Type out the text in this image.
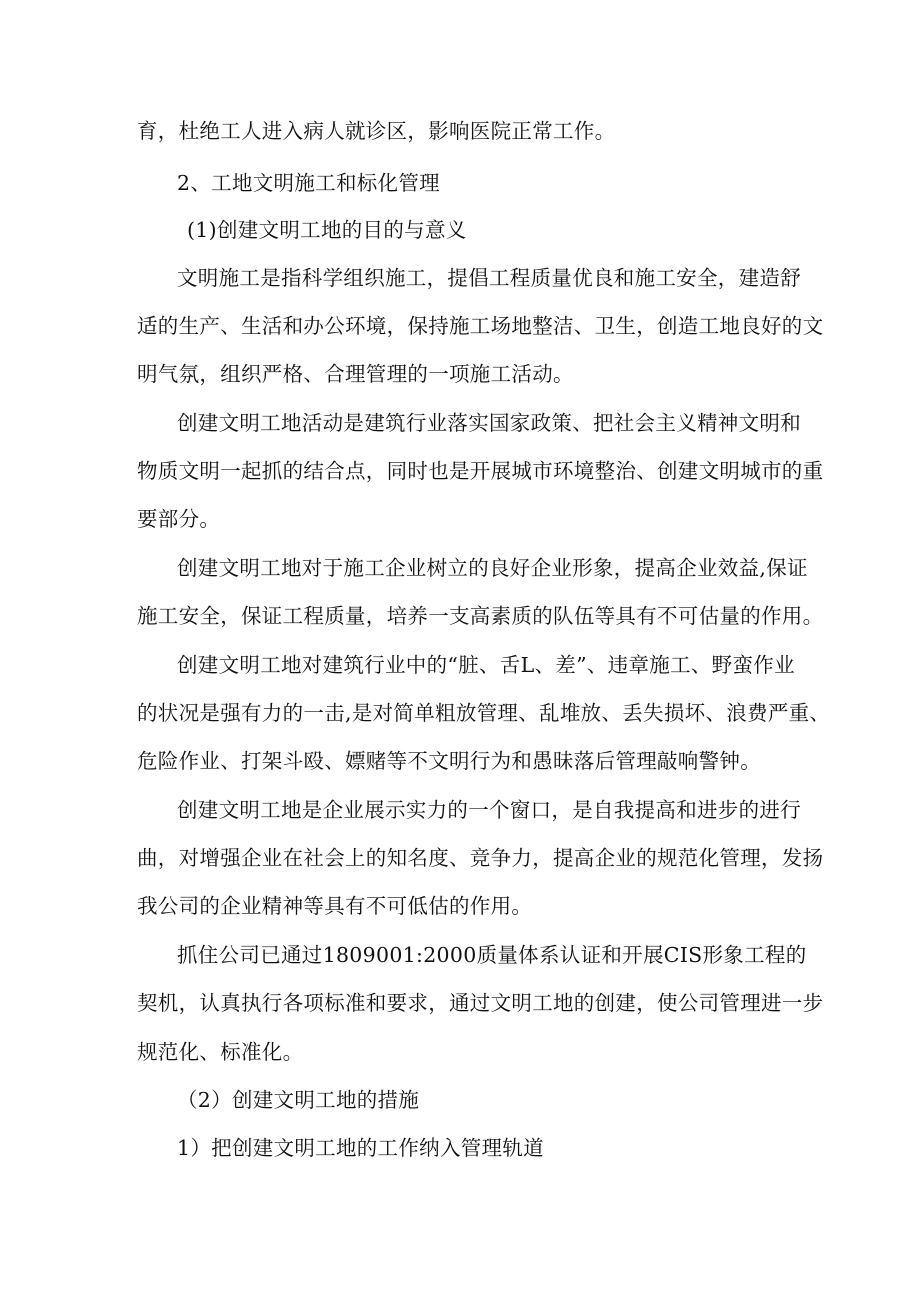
育，杜绝工人进入病人就诊区，影响医院正常工作。
2、工地文明施工和标化管理
(1)创建文明工地的目的与意义
文明施工是指科学组织施工，提倡工程质量优良和施工安全，建造舒
适的生产、生活和办公环境，保持施工场地整洁、卫生，创造工地良好的文
明气氛，组织严格、合理管理的一项施工活动。
创建文明工地活动是建筑行业落实国家政策、把社会主义精神文明和
物质文明一起抓的结合点，同时也是开展城市环境整治、创建文明城市的重
要部分。
创建文明工地对于施工企业树立的良好企业形象，提高企业效益,保证
施工安全，保证工程质量，培养一支高素质的队伍等具有不可估量的作用。
创建文明工地对建筑行业中的“脏、舌L、差”、违章施工、野蛮作业
的状况是强有力的一击,是对简单粗放管理、乱堆放、丢失损坏、浪费严重、
危险作业、打架斗殴、嫖赌等不文明行为和愚昧落后管理敲响警钟。
创建文明工地是企业展示实力的一个窗口，是自我提高和进步的进行
曲，对增强企业在社会上的知名度、竞争力，提高企业的规范化管理，发扬
我公司的企业精神等具有不可低估的作用。
抓住公司已通过1809001:2000质量体系认证和开展CIS形象工程的
契机，认真执行各项标准和要求，通过文明工地的创建，使公司管理进一步
规范化、标准化。
（2）创建文明工地的措施
1）把创建文明工地的工作纳入管理轨道
